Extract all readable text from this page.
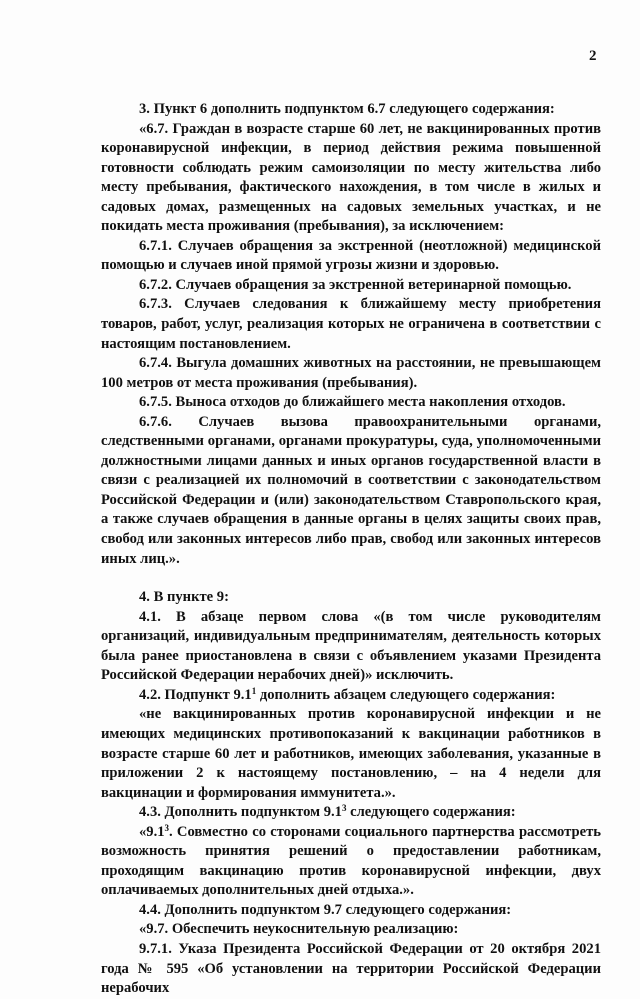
2

3. Пункт 6 дополнить подпунктом 6.7 следующего содержания:

«6.7. Граждан в возрасте старше 60 лет, не вакцинированных против коронавирусной инфекции, в период действия режима повышенной готовности соблюдать режим самоизоляции по месту жительства либо месту пребывания, фактического нахождения, в том числе в жилых и садовых домах, размещенных на садовых земельных участках, и не покидать места проживания (пребывания), за исключением:

6.7.1. Случаев обращения за экстренной (неотложной) медицинской помощью и случаев иной прямой угрозы жизни и здоровью.

6.7.2. Случаев обращения за экстренной ветеринарной помощью.

6.7.3. Случаев следования к ближайшему месту приобретения товаров, работ, услуг, реализация которых не ограничена в соответствии с настоящим постановлением.

6.7.4. Выгула домашних животных на расстоянии, не превышающем 100 метров от места проживания (пребывания).

6.7.5. Выноса отходов до ближайшего места накопления отходов.

6.7.6. Случаев вызова правоохранительными органами, следственными органами, органами прокуратуры, суда, уполномоченными должностными лицами данных и иных органов государственной власти в связи с реализацией их полномочий в соответствии с законодательством Российской Федерации и (или) законодательством Ставропольского края, а также случаев обращения в данные органы в целях защиты своих прав, свобод или законных интересов либо прав, свобод или законных интересов иных лиц.».

4. В пункте 9:

4.1. В абзаце первом слова «(в том числе руководителям организаций, индивидуальным предпринимателям, деятельность которых была ранее приостановлена в связи с объявлением указами Президента Российской Федерации нерабочих дней)» исключить.

4.2. Подпункт $9.1^1$ дополнить абзацем следующего содержания:

«не вакцинированных против коронавирусной инфекции и не имеющих медицинских противопоказаний к вакцинации работников в возрасте старше 60 лет и работников, имеющих заболевания, указанные в приложении 2 к настоящему постановлению, – на 4 недели для вакцинации и формирования иммунитета.».

4.3. Дополнить подпунктом $9.1^3$ следующего содержания:

«$9.1^3$. Совместно со сторонами социального партнерства рассмотреть возможность принятия решений о предоставлении работникам, проходящим вакцинацию против коронавирусной инфекции, двух оплачиваемых дополнительных дней отдыха.».

4.4. Дополнить подпунктом 9.7 следующего содержания:

«9.7. Обеспечить неукоснительную реализацию:

9.7.1. Указа Президента Российской Федерации от 20 октября 2021 года № 595 «Об установлении на территории Российской Федерации нерабочих
